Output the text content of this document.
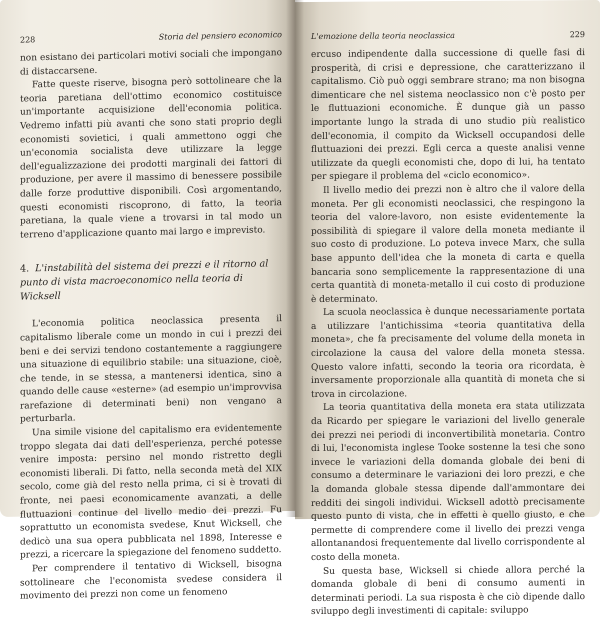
228	Storia del pensiero economico

non esistano dei particolari motivi sociali che impongano di distaccarsene.

Fatte queste riserve, bisogna però sottolineare che la teoria paretiana dell'ottimo economico costituisce un'importante acquisizione dell'economia politica. Vedremo infatti più avanti che sono stati proprio degli economisti sovietici, i quali ammettono oggi che un'economia socialista deve utilizzare la legge dell'egualizzazione dei prodotti marginali dei fattori di produzione, per avere il massimo di benessere possibile dalle forze produttive disponibili. Così argomentando, questi economisti riscoprono, di fatto, la teoria paretiana, la quale viene a trovarsi in tal modo un terreno d'applicazione quanto mai largo e imprevisto.

4. L'instabilità del sistema dei prezzi e il ritorno al punto di vista macroeconomico nella teoria di Wicksell

L'economia politica neoclassica presenta il capitalismo liberale come un mondo in cui i prezzi dei beni e dei servizi tendono costantemente a raggiungere una situazione di equilibrio stabile: una situazione, cioè, che tende, in se stessa, a mantenersi identica, sino a quando delle cause «esterne» (ad esempio un'improvvisa rarefazione di determinati beni) non vengano a perturbarla.

Una simile visione del capitalismo era evidentemente troppo slegata dai dati dell'esperienza, perché potesse venire imposta: persino nel mondo ristretto degli economisti liberali. Di fatto, nella seconda metà del XIX secolo, come già del resto nella prima, ci si è trovati di fronte, nei paesi economicamente avanzati, a delle fluttuazioni continue del livello medio dei prezzi. Fu soprattutto un economista svedese, Knut Wicksell, che dedicò una sua opera pubblicata nel 1898, Interesse e prezzi, a ricercare la spiegazione del fenomeno suddetto.

Per comprendere il tentativo di Wicksell, bisogna sottolineare che l'economista svedese considera il movimento dei prezzi non come un fenomeno

L'emozione della teoria neoclassica	229

ercuso indipendente dalla successione di quelle fasi di prosperità, di crisi e depressione, che caratterizzano il capitalismo. Ciò può oggi sembrare strano; ma non bisogna dimenticare che nel sistema neoclassico non c'è posto per le fluttuazioni economiche. È dunque già un passo importante lungo la strada di uno studio più realistico dell'economia, il compito da Wicksell occupandosi delle fluttuazioni dei prezzi. Egli cerca a queste analisi venne utilizzate da quegli economisti che, dopo di lui, ha tentato per spiegare il problema del «ciclo economico».

Il livello medio dei prezzi non è altro che il valore della moneta. Per gli economisti neoclassici, che respingono la teoria del valore-lavoro, non esiste evidentemente la possibilità di spiegare il valore della moneta mediante il suo costo di produzione. Lo poteva invece Marx, che sulla base appunto dell'idea che la moneta di carta e quella bancaria sono semplicemente la rappresentazione di una certa quantità di moneta-metallo il cui costo di produzione è determinato.

La scuola neoclassica è dunque necessariamente portata a utilizzare l'antichissima «teoria quantitativa della moneta», che fa precisamente del volume della moneta in circolazione la causa del valore della moneta stessa. Questo valore infatti, secondo la teoria ora ricordata, è inversamente proporzionale alla quantità di moneta che si trova in circolazione.

La teoria quantitativa della moneta era stata utilizzata da Ricardo per spiegare le variazioni del livello generale dei prezzi nei periodi di inconvertibilità monetaria. Contro di lui, l'economista inglese Tooke sostenne la tesi che sono invece le variazioni della domanda globale dei beni di consumo a determinare le variazioni dei loro prezzi, e che la domanda globale stessa dipende dall'ammontare dei redditi dei singoli individui. Wicksell adottò precisamente questo punto di vista, che in effetti è quello giusto, e che permette di comprendere come il livello dei prezzi venga allontanandosi frequentemente dal livello corrispondente al costo della moneta.

Su questa base, Wicksell si chiede allora perché la domanda globale di beni di consumo aumenti in determinati periodi. La sua risposta è che ciò dipende dallo sviluppo degli investimenti di capitale: sviluppo
